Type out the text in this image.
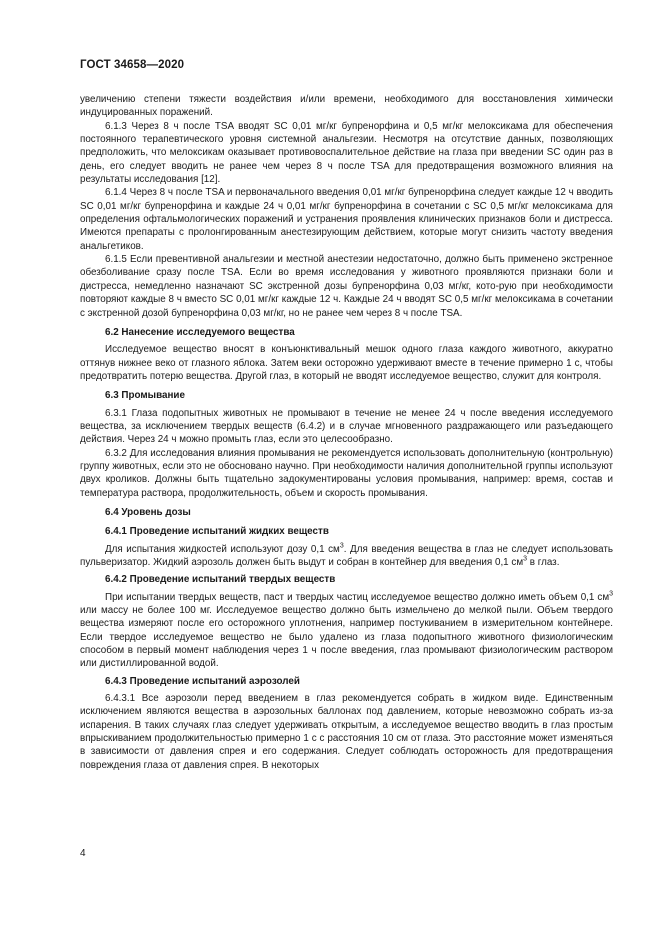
ГОСТ 34658—2020

увеличению степени тяжести воздействия и/или времени, необходимого для восстановления химически индуцированных поражений.

6.1.3 Через 8 ч после TSA вводят SC 0,01 мг/кг бупренорфина и 0,5 мг/кг мелоксикама для обеспечения постоянного терапевтического уровня системной анальгезии. Несмотря на отсутствие данных, позволяющих предположить, что мелоксикам оказывает противовоспалительное действие на глаза при введении SC один раз в день, его следует вводить не ранее чем через 8 ч после TSA для предотвращения возможного влияния на результаты исследования [12].

6.1.4 Через 8 ч после TSA и первоначального введения 0,01 мг/кг бупренорфина следует каждые 12 ч вводить SC 0,01 мг/кг бупренорфина и каждые 24 ч 0,01 мг/кг бупренорфина в сочетании с SC 0,5 мг/кг мелоксикама для определения офтальмологических поражений и устранения проявления клинических признаков боли и дистресса. Имеются препараты с пролонгированным анестезирующим действием, которые могут снизить частоту введения анальгетиков.

6.1.5 Если превентивной анальгезии и местной анестезии недостаточно, должно быть применено экстренное обезболивание сразу после TSA. Если во время исследования у животного проявляются признаки боли и дистресса, немедленно назначают SC экстренной дозы бупренорфина 0,03 мг/кг, кото-рую при необходимости повторяют каждые 8 ч вместо SC 0,01 мг/кг каждые 12 ч. Каждые 24 ч вводят SC 0,5 мг/кг мелоксикама в сочетании с экстренной дозой бупренорфина 0,03 мг/кг, но не ранее чем через 8 ч после TSA.

6.2 Нанесение исследуемого вещества

Исследуемое вещество вносят в конъюнктивальный мешок одного глаза каждого животного, аккуратно оттянув нижнее веко от глазного яблока. Затем веки осторожно удерживают вместе в течение примерно 1 с, чтобы предотвратить потерю вещества. Другой глаз, в который не вводят исследуемое вещество, служит для контроля.

6.3 Промывание

6.3.1 Глаза подопытных животных не промывают в течение не менее 24 ч после введения исследуемого вещества, за исключением твердых веществ (6.4.2) и в случае мгновенного раздражающего или разъедающего действия. Через 24 ч можно промыть глаз, если это целесообразно.

6.3.2 Для исследования влияния промывания не рекомендуется использовать дополнительную (контрольную) группу животных, если это не обосновано научно. При необходимости наличия дополнительной группы используют двух кроликов. Должны быть тщательно задокументированы условия промывания, например: время, состав и температура раствора, продолжительность, объем и скорость промывания.

6.4 Уровень дозы

6.4.1 Проведение испытаний жидких веществ

Для испытания жидкостей используют дозу 0,1 $см^3$. Для введения вещества в глаз не следует использовать пульверизатор. Жидкий аэрозоль должен быть выдут и собран в контейнер для введения 0,1 $см^3$ в глаз.

6.4.2 Проведение испытаний твердых веществ

При испытании твердых веществ, паст и твердых частиц исследуемое вещество должно иметь объем 0,1 $см^3$ или массу не более 100 мг. Исследуемое вещество должно быть измельчено до мелкой пыли. Объем твердого вещества измеряют после его осторожного уплотнения, например постукиванием в измерительном контейнере. Если твердое исследуемое вещество не было удалено из глаза подопытного животного физиологическим способом в первый момент наблюдения через 1 ч после введения, глаз промывают физиологическим раствором или дистиллированной водой.

6.4.3 Проведение испытаний аэрозолей

6.4.3.1 Все аэрозоли перед введением в глаз рекомендуется собрать в жидком виде. Единственным исключением являются вещества в аэрозольных баллонах под давлением, которые невозможно собрать из-за испарения. В таких случаях глаз следует удерживать открытым, а исследуемое вещество вводить в глаз простым впрыскиванием продолжительностью примерно 1 с с расстояния 10 см от глаза. Это расстояние может изменяться в зависимости от давления спрея и его содержания. Следует соблюдать осторожность для предотвращения повреждения глаза от давления спрея. В некоторых

4
